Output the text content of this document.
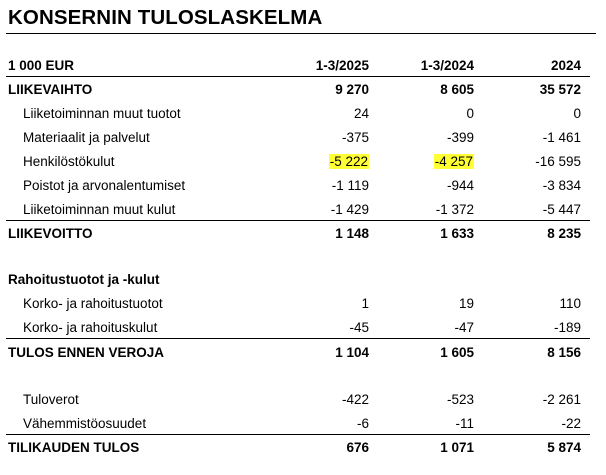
KONSERNIN TULOSLASKELMA
1 000 EUR	1-3/2025	1-3/2024	2024
LIIKEVAIHTO	9 270	8 605	35 572
Liiketoiminnan muut tuotot	24	0	0
Materiaalit ja palvelut	-375	-399	-1 461
Henkilöstökulut	-5 222	-4 257	-16 595
Poistot ja arvonalentumiset	-1 119	-944	-3 834
Liiketoiminnan muut kulut	-1 429	-1 372	-5 447
LIIKEVOITTO	1 148	1 633	8 235
Rahoitustuotot ja -kulut
Korko- ja rahoitustuotot	1	19	110
Korko- ja rahoituskulut	-45	-47	-189
TULOS ENNEN VEROJA	1 104	1 605	8 156
Tuloverot	-422	-523	-2 261
Vähemmistöosuudet	-6	-11	-22
TILIKAUDEN TULOS	676	1 071	5 874
